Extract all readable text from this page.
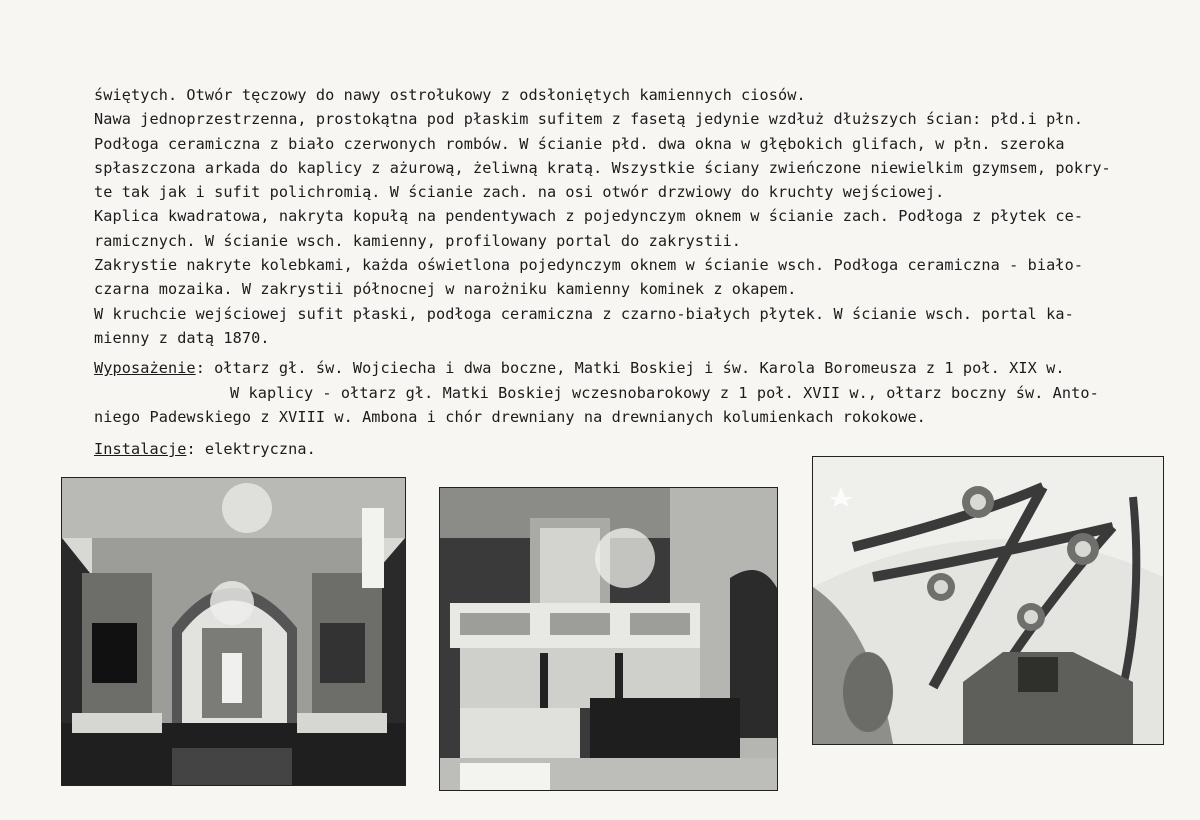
świętych. Otwór tęczowy do nawy ostrołukowy z odsłoniętych kamiennych ciosów.
Nawa jednoprzestrzenna, prostokątna pod płaskim sufitem z fasetą jedynie wzdłuż dłuższych ścian: płd.i płn.
Podłoga ceramiczna z biało czerwonych rombów. W ścianie płd. dwa okna w głębokich glifach, w płn. szeroka
spłaszczona arkada do kaplicy z ażurową, żeliwną kratą. Wszystkie ściany zwieńczone niewielkim gzymsem, pokry-
te tak jak i sufit polichromią. W ścianie zach. na osi otwór drzwiowy do kruchty wejściowej.
Kaplica kwadratowa, nakryta kopułą na pendentywach z pojedynczym oknem w ścianie zach. Podłoga z płytek ce-
ramicznych. W ścianie wsch. kamienny, profilowany portal do zakrystii.
Zakrystie nakryte kolebkami, każda oświetlona pojedynczym oknem w ścianie wsch. Podłoga ceramiczna - biało-
czarna mozaika. W zakrystii północnej w narożniku kamienny kominek z okapem.
W kruchcie wejściowej sufit płaski, podłoga ceramiczna z czarno-białych płytek. W ścianie wsch. portal ka-
mienny z datą 1870.
Wyposażenie: ołtarz gł. św. Wojciecha i dwa boczne, Matki Boskiej i św. Karola Boromeusza z 1 poł. XIX w.
W kaplicy - ołtarz gł. Matki Boskiej wczesnobarokowy z 1 poł. XVII w., ołtarz boczny św. Anto-
niego Padewskiego z XVIII w. Ambona i chór drewniany na drewnianych kolumienkach rokokowe.
Instalacje: elektryczna.
